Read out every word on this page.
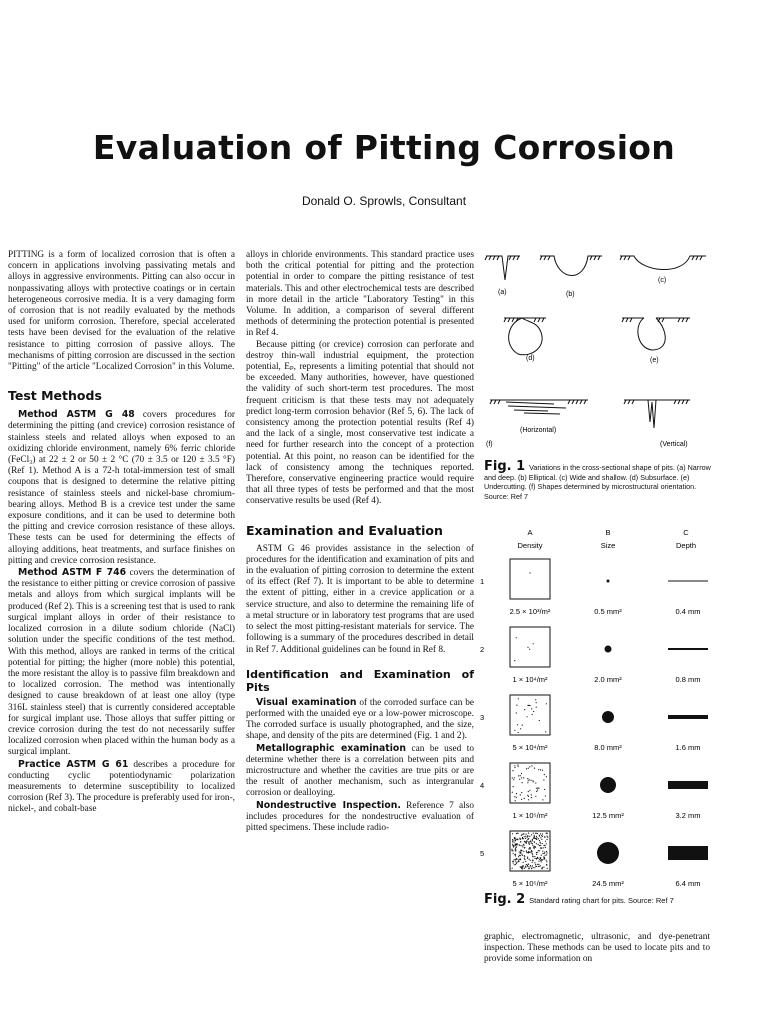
Evaluation of Pitting Corrosion
Donald O. Sprowls, Consultant

PITTING is a form of localized corrosion that is often a concern in applications involving passivating metals and alloys in aggressive environments. Pitting can also occur in nonpassivating alloys with protective coatings or in certain heterogeneous corrosive media. It is a very damaging form of corrosion that is not readily evaluated by the methods used for uniform corrosion. Therefore, special accelerated tests have been devised for the evaluation of the relative resistance to pitting corrosion of passive alloys. The mechanisms of pitting corrosion are discussed in the section "Pitting" of the article "Localized Corrosion" in this Volume.

Test Methods

Method ASTM G 48 covers procedures for determining the pitting (and crevice) corrosion resistance of stainless steels and related alloys when exposed to an oxidizing chloride environment, namely 6% ferric chloride (FeCl₃) at 22 ± 2 or 50 ± 2 °C (70 ± 3.5 or 120 ± 3.5 °F) (Ref 1). Method A is a 72-h total-immersion test of small coupons that is designed to determine the relative pitting resistance of stainless steels and nickel-base chromium-bearing alloys. Method B is a crevice test under the same exposure conditions, and it can be used to determine both the pitting and crevice corrosion resistance of these alloys. These tests can be used for determining the effects of alloying additions, heat treatments, and surface finishes on pitting and crevice corrosion resistance.

Method ASTM F 746 covers the determination of the resistance to either pitting or crevice corrosion of passive metals and alloys from which surgical implants will be produced (Ref 2). This is a screening test that is used to rank surgical implant alloys in order of their resistance to localized corrosion in a dilute sodium chloride (NaCl) solution under the specific conditions of the test method. With this method, alloys are ranked in terms of the critical potential for pitting; the higher (more noble) this potential, the more resistant the alloy is to passive film breakdown and to localized corrosion. The method was intentionally designed to cause breakdown of at least one alloy (type 316L stainless steel) that is currently considered acceptable for surgical implant use. Those alloys that suffer pitting or crevice corrosion during the test do not necessarily suffer localized corrosion when placed within the human body as a surgical implant.

Practice ASTM G 61 describes a procedure for conducting cyclic potentiodynamic polarization measurements to determine susceptibility to localized corrosion (Ref 3). The procedure is preferably used for iron-, nickel-, and cobalt-base

alloys in chloride environments. This standard practice uses both the critical potential for pitting and the protection potential in order to compare the pitting resistance of test materials. This and other electrochemical tests are described in more detail in the article "Laboratory Testing" in this Volume. In addition, a comparison of several different methods of determining the protection potential is presented in Ref 4.

Because pitting (or crevice) corrosion can perforate and destroy thin-wall industrial equipment, the protection potential, Eₚ, represents a limiting potential that should not be exceeded. Many authorities, however, have questioned the validity of such short-term test procedures. The most frequent criticism is that these tests may not adequately predict long-term corrosion behavior (Ref 5, 6). The lack of consistency among the protection potential results (Ref 4) and the lack of a single, most conservative test indicate a need for further research into the concept of a protection potential. At this point, no reason can be identified for the lack of consistency among the techniques reported. Therefore, conservative engineering practice would require that all three types of tests be performed and that the most conservative results be used (Ref 4).

Examination and Evaluation

ASTM G 46 provides assistance in the selection of procedures for the identification and examination of pits and in the evaluation of pitting corrosion to determine the extent of its effect (Ref 7). It is important to be able to determine the extent of pitting, either in a crevice application or a service structure, and also to determine the remaining life of a metal structure or in laboratory test programs that are used to select the most pitting-resistant materials for service. The following is a summary of the procedures described in detail in Ref 7. Additional guidelines can be found in Ref 8.

Identification and Examination of Pits

Visual examination of the corroded surface can be performed with the unaided eye or a low-power microscope. The corroded surface is usually photographed, and the size, shape, and density of the pits are determined (Fig. 1 and 2).

Metallographic examination can be used to determine whether there is a correlation between pits and microstructure and whether the cavities are true pits or are the result of another mechanism, such as intergranular corrosion or dealloying.

Nondestructive Inspection. Reference 7 also includes procedures for the nondestructive evaluation of pitted specimens. These include radio-

(a)	(b)
(c)
(d)	(e)
(Horizontal)
(f)	(Vertical)
Fig. 1 Variations in the cross-sectional shape of pits. (a) Narrow and deep. (b) Elliptical. (c) Wide and shallow. (d) Subsurface. (e) Undercutting. (f) Shapes determined by microstructural orientation. Source: Ref 7
A	B	C
Density	Size	Depth
1
2.5 × 10³/m²	0.5 mm²	0.4 mm
2
1 × 10⁴/m²	2.0 mm²	0.8 mm
3
5 × 10⁴/m²	8.0 mm²	1.6 mm
4
1 × 10⁵/m²	12.5 mm²	3.2 mm
5
5 × 10⁵/m²	24.5 mm²	6.4 mm
Fig. 2 Standard rating chart for pits. Source: Ref 7

graphic, electromagnetic, ultrasonic, and dye-penetrant inspection. These methods can be used to locate pits and to provide some information on
